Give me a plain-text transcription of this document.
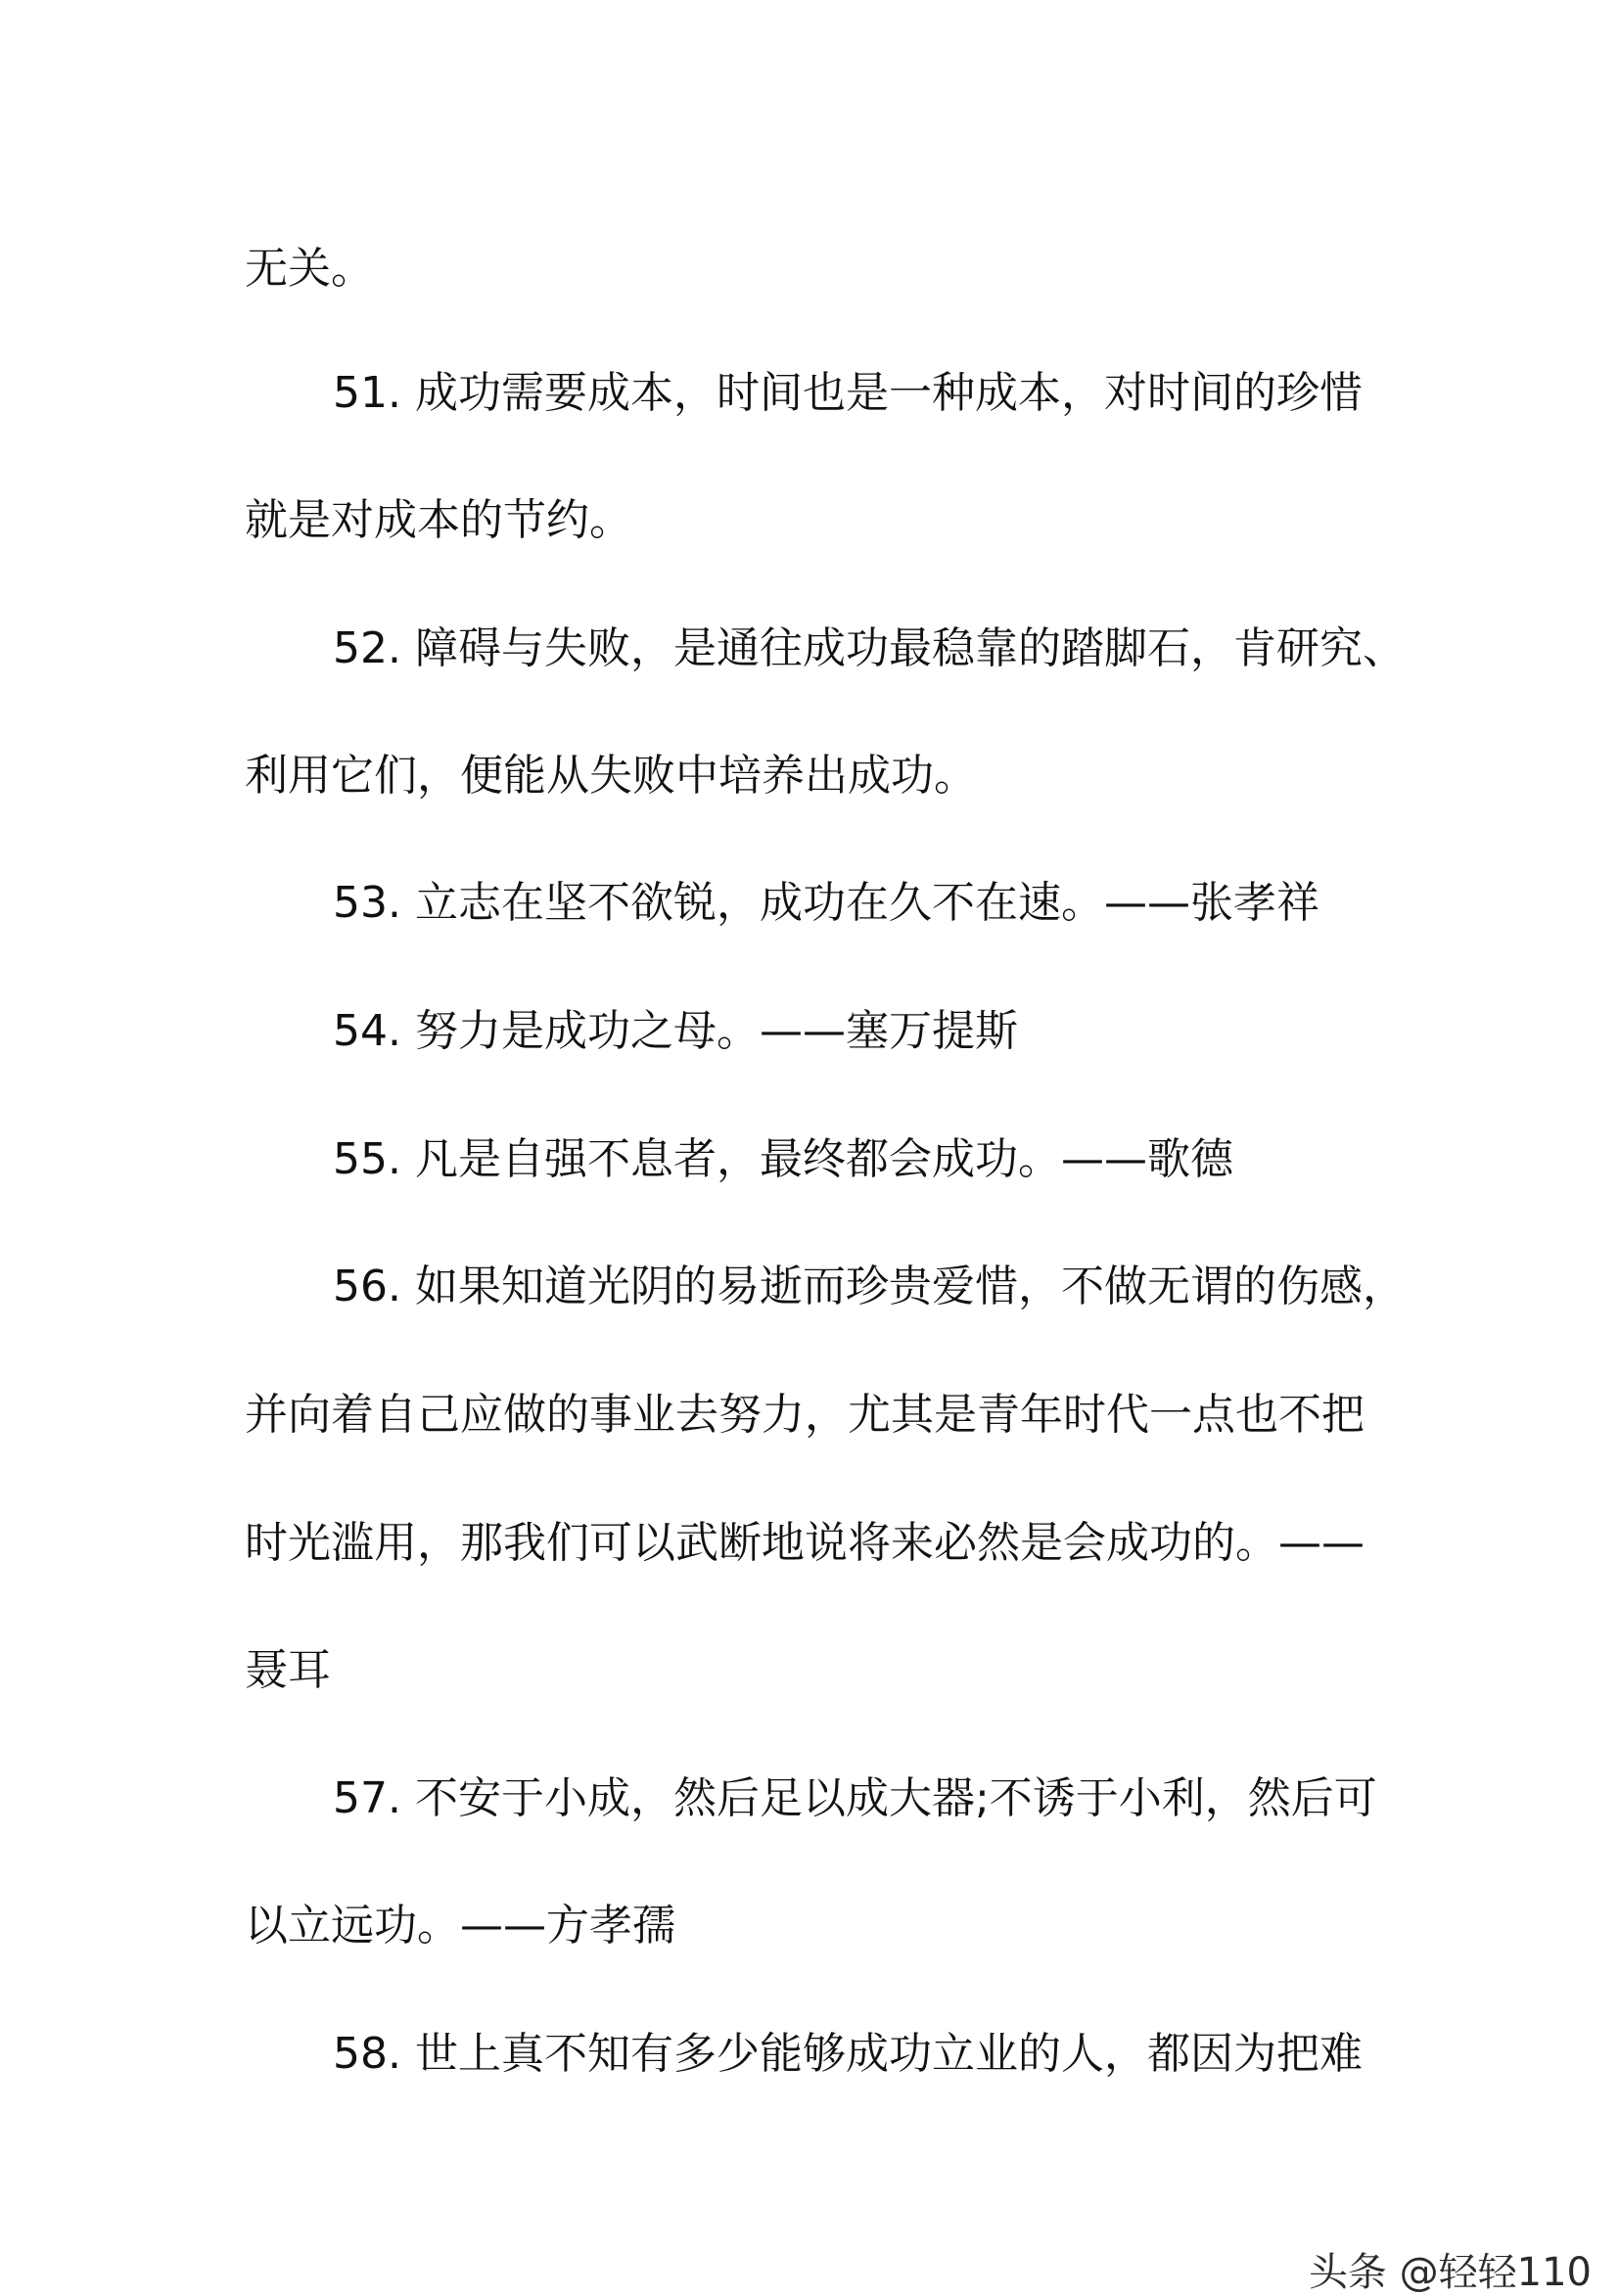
无关。
51. 成功需要成本，时间也是一种成本，对时间的珍惜
就是对成本的节约。
52. 障碍与失败，是通往成功最稳靠的踏脚石，肯研究、
利用它们，便能从失败中培养出成功。
53. 立志在坚不欲锐，成功在久不在速。——张孝祥
54. 努力是成功之母。——塞万提斯
55. 凡是自强不息者，最终都会成功。——歌德
56. 如果知道光阴的易逝而珍贵爱惜，不做无谓的伤感，
并向着自己应做的事业去努力，尤其是青年时代一点也不把
时光滥用，那我们可以武断地说将来必然是会成功的。——
聂耳
57. 不安于小成，然后足以成大器;不诱于小利，然后可
以立远功。——方孝孺
58. 世上真不知有多少能够成功立业的人，都因为把难
头条 @轻轻110
